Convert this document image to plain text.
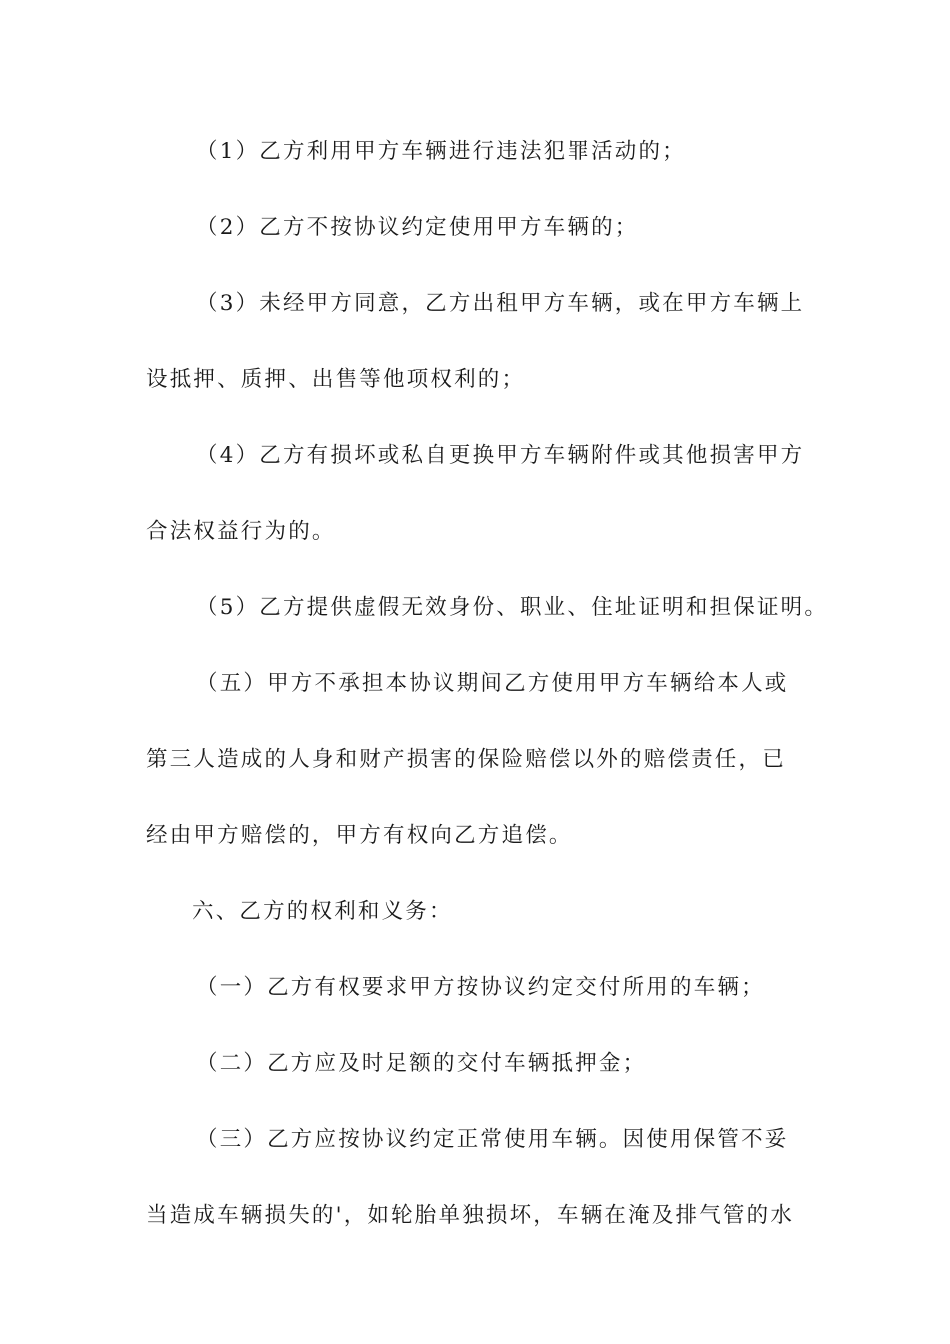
（1）乙方利用甲方车辆进行违法犯罪活动的；
（2）乙方不按协议约定使用甲方车辆的；
（3）未经甲方同意，乙方出租甲方车辆，或在甲方车辆上
设抵押、质押、出售等他项权利的；
（4）乙方有损坏或私自更换甲方车辆附件或其他损害甲方
合法权益行为的。
（5）乙方提供虚假无效身份、职业、住址证明和担保证明。
（五）甲方不承担本协议期间乙方使用甲方车辆给本人或
第三人造成的人身和财产损害的保险赔偿以外的赔偿责任，已
经由甲方赔偿的，甲方有权向乙方追偿。
六、乙方的权利和义务：
（一）乙方有权要求甲方按协议约定交付所用的车辆；
（二）乙方应及时足额的交付车辆抵押金；
（三）乙方应按协议约定正常使用车辆。因使用保管不妥
当造成车辆损失的'，如轮胎单独损坏，车辆在淹及排气管的水
